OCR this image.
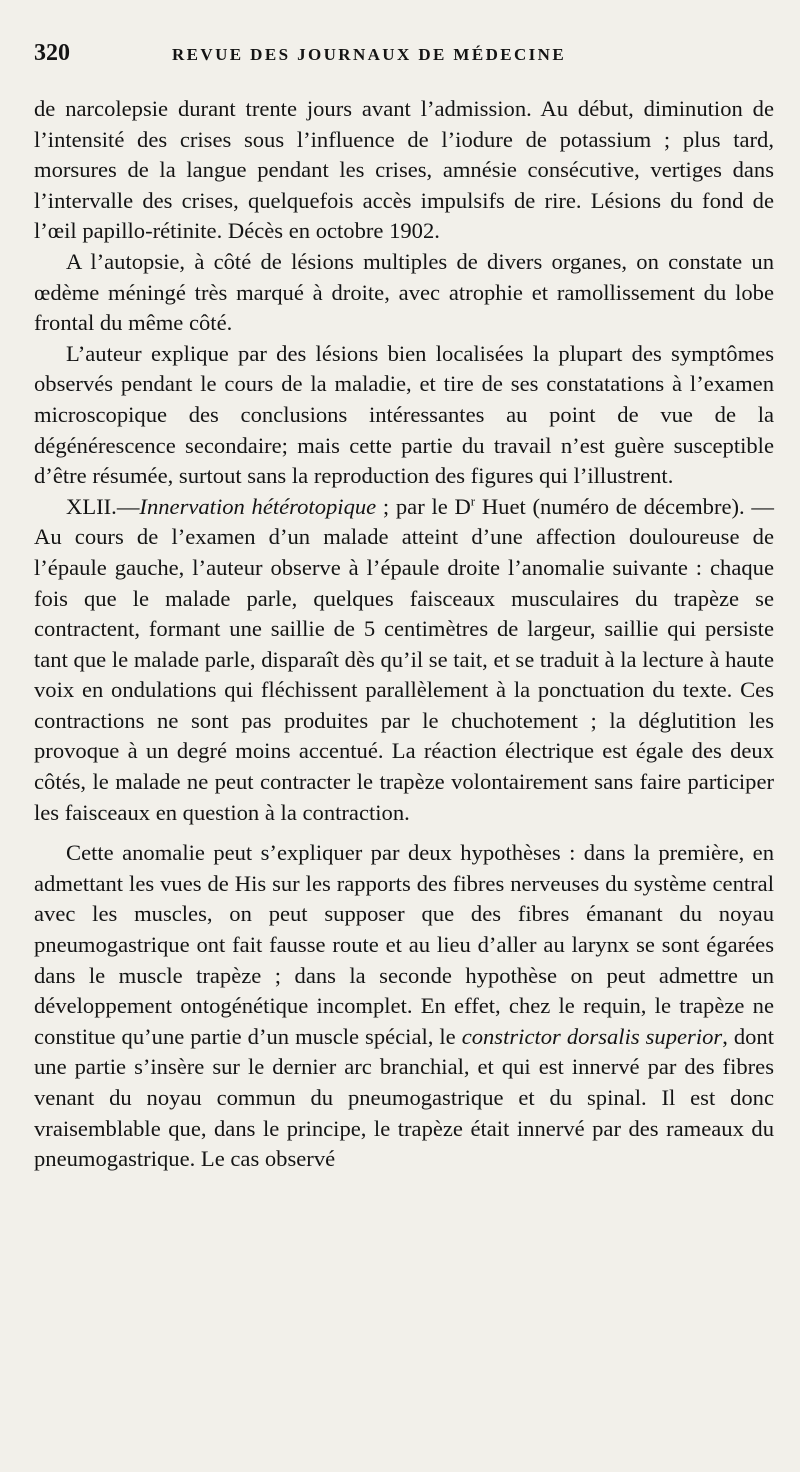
320	REVUE DES JOURNAUX DE MÉDECINE

de narcolepsie durant trente jours avant l’admission. Au début, diminution de l’intensité des crises sous l’influence de l’iodure de potassium ; plus tard, morsures de la langue pendant les crises, amnésie consécutive, vertiges dans l’intervalle des crises, quelquefois accès impulsifs de rire. Lésions du fond de l’œil papillo-rétinite. Décès en octobre 1902.

A l’autopsie, à côté de lésions multiples de divers organes, on constate un œdème méningé très marqué à droite, avec atrophie et ramollissement du lobe frontal du même côté.

L’auteur explique par des lésions bien localisées la plupart des symptômes observés pendant le cours de la maladie, et tire de ses constatations à l’examen microscopique des conclusions intéressantes au point de vue de la dégénérescence secondaire; mais cette partie du travail n’est guère susceptible d’être résumée, surtout sans la reproduction des figures qui l’illustrent.

XLII.—Innervation hétérotopique ; par le $D^r$ Huet (numéro de décembre). — Au cours de l’examen d’un malade atteint d’une affection douloureuse de l’épaule gauche, l’auteur observe à l’épaule droite l’anomalie suivante : chaque fois que le malade parle, quelques faisceaux musculaires du trapèze se contractent, formant une saillie de 5 centimètres de largeur, saillie qui persiste tant que le malade parle, disparaît dès qu’il se tait, et se traduit à la lecture à haute voix en ondulations qui fléchissent parallèlement à la ponctuation du texte. Ces contractions ne sont pas produites par le chuchotement ; la déglutition les provoque à un degré moins accentué. La réaction électrique est égale des deux côtés, le malade ne peut contracter le trapèze volontairement sans faire participer les faisceaux en question à la contraction.

Cette anomalie peut s’expliquer par deux hypothèses : dans la première, en admettant les vues de His sur les rapports des fibres nerveuses du système central avec les muscles, on peut supposer que des fibres émanant du noyau pneumogastrique ont fait fausse route et au lieu d’aller au larynx se sont égarées dans le muscle trapèze ; dans la seconde hypothèse on peut admettre un développement ontogénétique incomplet. En effet, chez le requin, le trapèze ne constitue qu’une partie d’un muscle spécial, le constrictor dorsalis superior, dont une partie s’insère sur le dernier arc branchial, et qui est innervé par des fibres venant du noyau commun du pneumogastrique et du spinal. Il est donc vraisemblable que, dans le principe, le trapèze était innervé par des rameaux du pneumogastrique. Le cas observé
